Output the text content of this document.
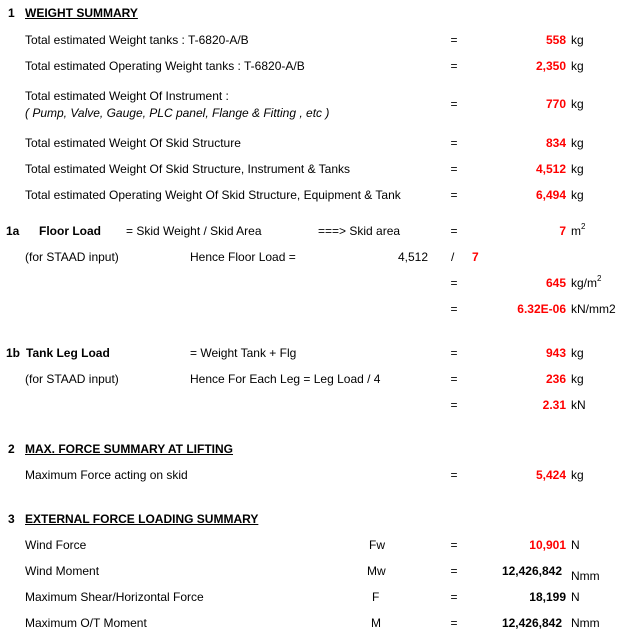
1 WEIGHT SUMMARY
Total estimated Weight tanks : T-6820-A/B	=	558 kg
Total estimated Operating Weight tanks : T-6820-A/B	=	2,350 kg
Total estimated Weight Of Instrument :
( Pump, Valve, Gauge, PLC panel, Flange & Fitting , etc )
=	770 kg
Total estimated Weight Of Skid Structure	=	834 kg
Total estimated Weight Of Skid Structure, Instrument & Tanks	=	4,512 kg
Total estimated Operating Weight Of Skid Structure, Equipment & Tank	=	6,494 kg
1a Floor Load = Skid Weight / Skid Area	===> Skid area	=	7 $m^2$
(for STAAD input)	Hence Floor Load =	4,512 / 7
=	645 $kg/m^2$
=	6.32E-06 kN/mm2
1b Tank Leg Load	= Weight Tank + Flg	=	943 kg
(for STAAD input)	Hence For Each Leg = Leg Load / 4	=	236 kg
=	2.31 kN
2 MAX. FORCE SUMMARY AT LIFTING
Maximum Force acting on skid	=	5,424 kg
3 EXTERNAL FORCE LOADING SUMMARY
Wind Force	Fw	=	10,901 N
Wind Moment	Mw	=	12,426,842 Nmm
Maximum Shear/Horizontal Force	F	=	18,199 N
Maximum O/T Moment	M	=	12,426,842 Nmm
